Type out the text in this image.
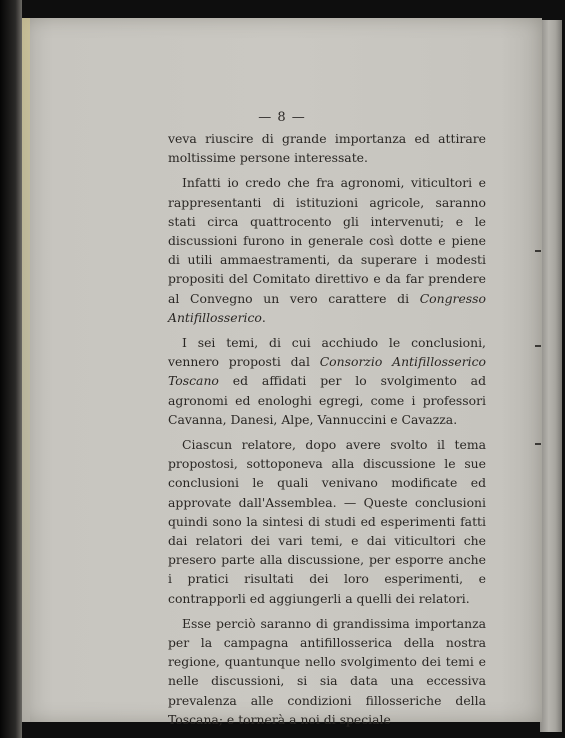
— 8 —

veva riuscire di grande importanza ed attirare moltissime persone interessate.

Infatti io credo che fra agronomi, viticultori e rappresentanti di istituzioni agricole, saranno stati circa quattrocento gli intervenuti; e le discussioni furono in generale così dotte e piene di utili ammaestramenti, da superare i modesti propositi del Comitato direttivo e da far prendere al Convegno un vero carattere di Congresso Antifillosserico.

I sei temi, di cui acchiudo le conclusioni, vennero proposti dal Consorzio Antifillosserico Toscano ed affidati per lo svolgimento ad agronomi ed enologhi egregi, come i professori Cavanna, Danesi, Alpe, Vannuccini e Cavazza.

Ciascun relatore, dopo avere svolto il tema propostosi, sottoponeva alla discussione le sue conclusioni le quali venivano modificate ed approvate dall'Assemblea. — Queste conclusioni quindi sono la sintesi di studi ed esperimenti fatti dai relatori dei vari temi, e dai viticultori che presero parte alla discussione, per esporre anche i pratici risultati dei loro esperimenti, e contrapporli ed aggiungerli a quelli dei relatori.

Esse perciò saranno di grandissima importanza per la campagna antifillosserica della nostra regione, quantunque nello svolgimento dei temi e nelle discussioni, si sia data una eccessiva prevalenza alle condizioni fillosseriche della Toscana; e tornerà a noi di speciale
